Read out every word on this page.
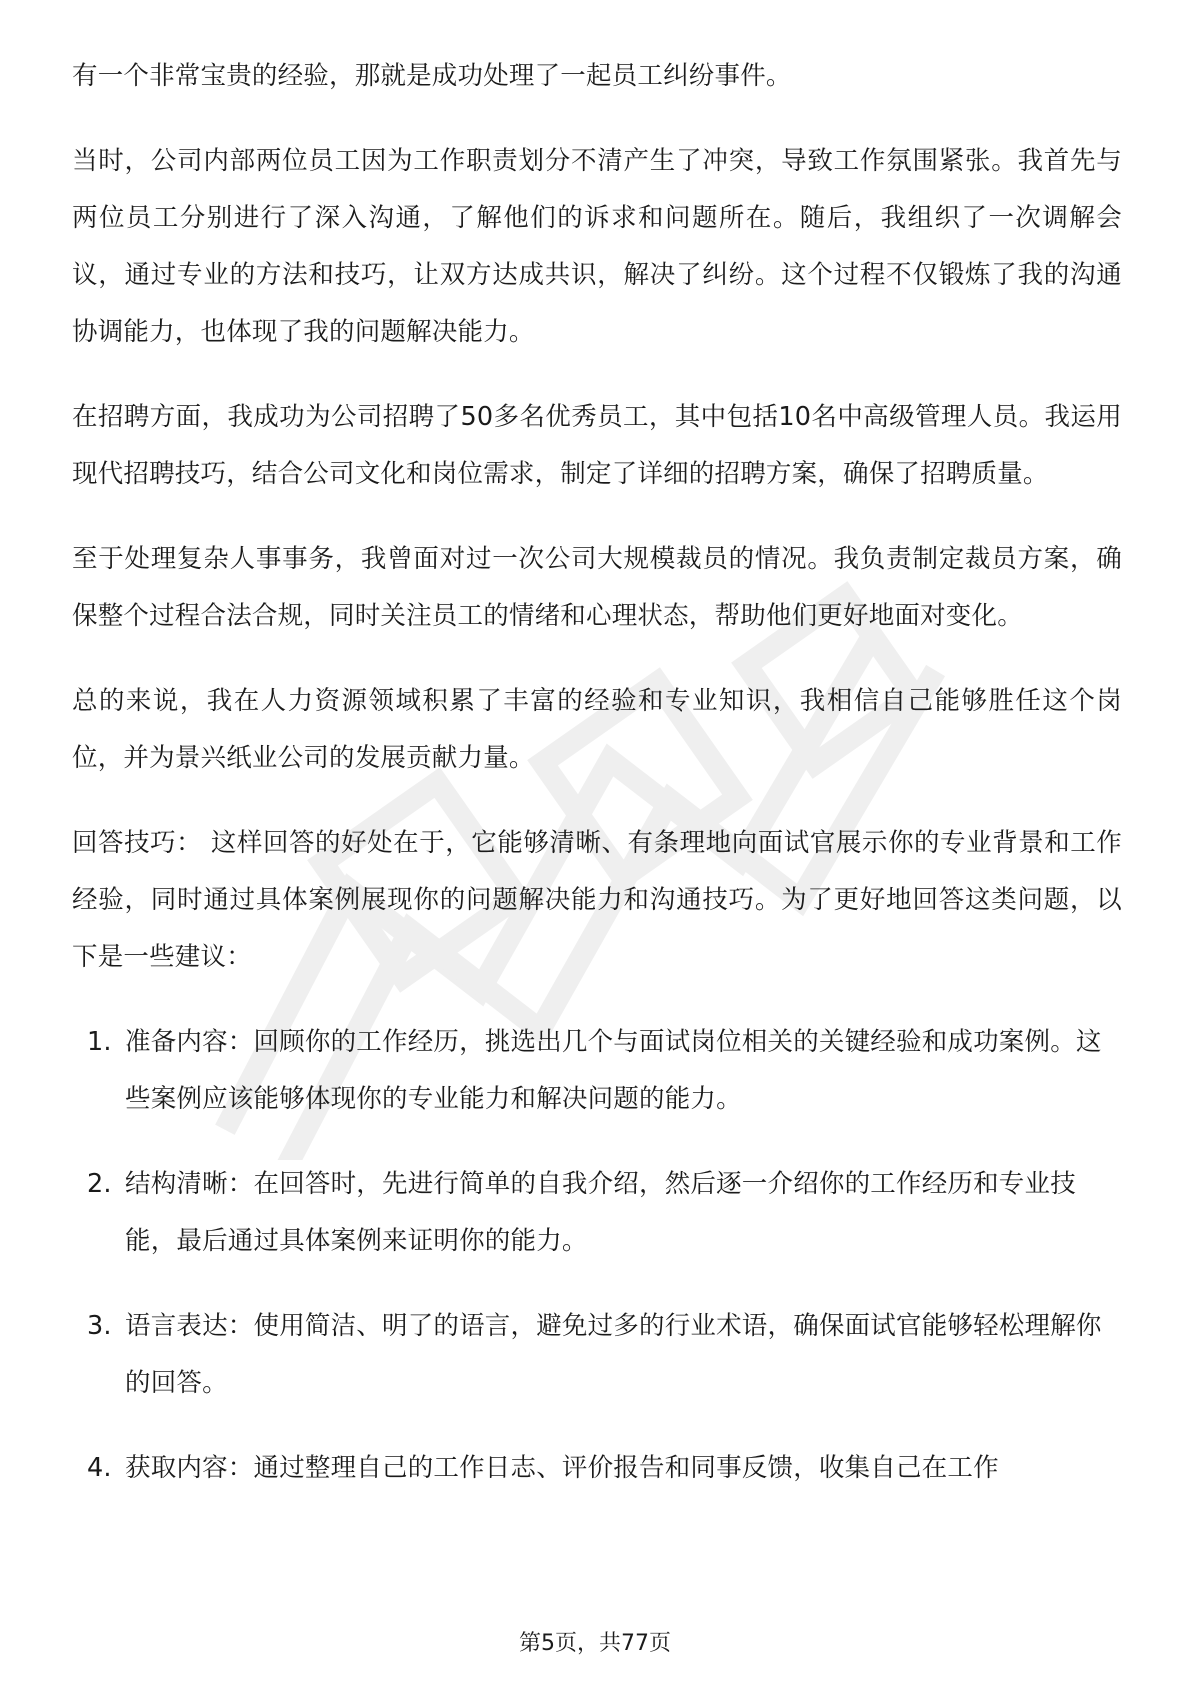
有一个非常宝贵的经验，那就是成功处理了一起员工纠纷事件。

当时，公司内部两位员工因为工作职责划分不清产生了冲突，导致工作氛围紧张。我首先与两位员工分别进行了深入沟通，了解他们的诉求和问题所在。随后，我组织了一次调解会议，通过专业的方法和技巧，让双方达成共识，解决了纠纷。这个过程不仅锻炼了我的沟通协调能力，也体现了我的问题解决能力。

在招聘方面，我成功为公司招聘了50多名优秀员工，其中包括10名中高级管理人员。我运用现代招聘技巧，结合公司文化和岗位需求，制定了详细的招聘方案，确保了招聘质量。

至于处理复杂人事事务，我曾面对过一次公司大规模裁员的情况。我负责制定裁员方案，确保整个过程合法合规，同时关注员工的情绪和心理状态，帮助他们更好地面对变化。

总的来说，我在人力资源领域积累了丰富的经验和专业知识，我相信自己能够胜任这个岗位，并为景兴纸业公司的发展贡献力量。

回答技巧： 这样回答的好处在于，它能够清晰、有条理地向面试官展示你的专业背景和工作经验，同时通过具体案例展现你的问题解决能力和沟通技巧。为了更好地回答这类问题，以下是一些建议：

1. 准备内容：回顾你的工作经历，挑选出几个与面试岗位相关的关键经验和成功案例。这些案例应该能够体现你的专业能力和解决问题的能力。
2. 结构清晰：在回答时，先进行简单的自我介绍，然后逐一介绍你的工作经历和专业技能，最后通过具体案例来证明你的能力。
3. 语言表达：使用简洁、明了的语言，避免过多的行业术语，确保面试官能够轻松理解你的回答。
4. 获取内容：通过整理自己的工作日志、评价报告和同事反馈，收集自己在工作
第5页，共77页
